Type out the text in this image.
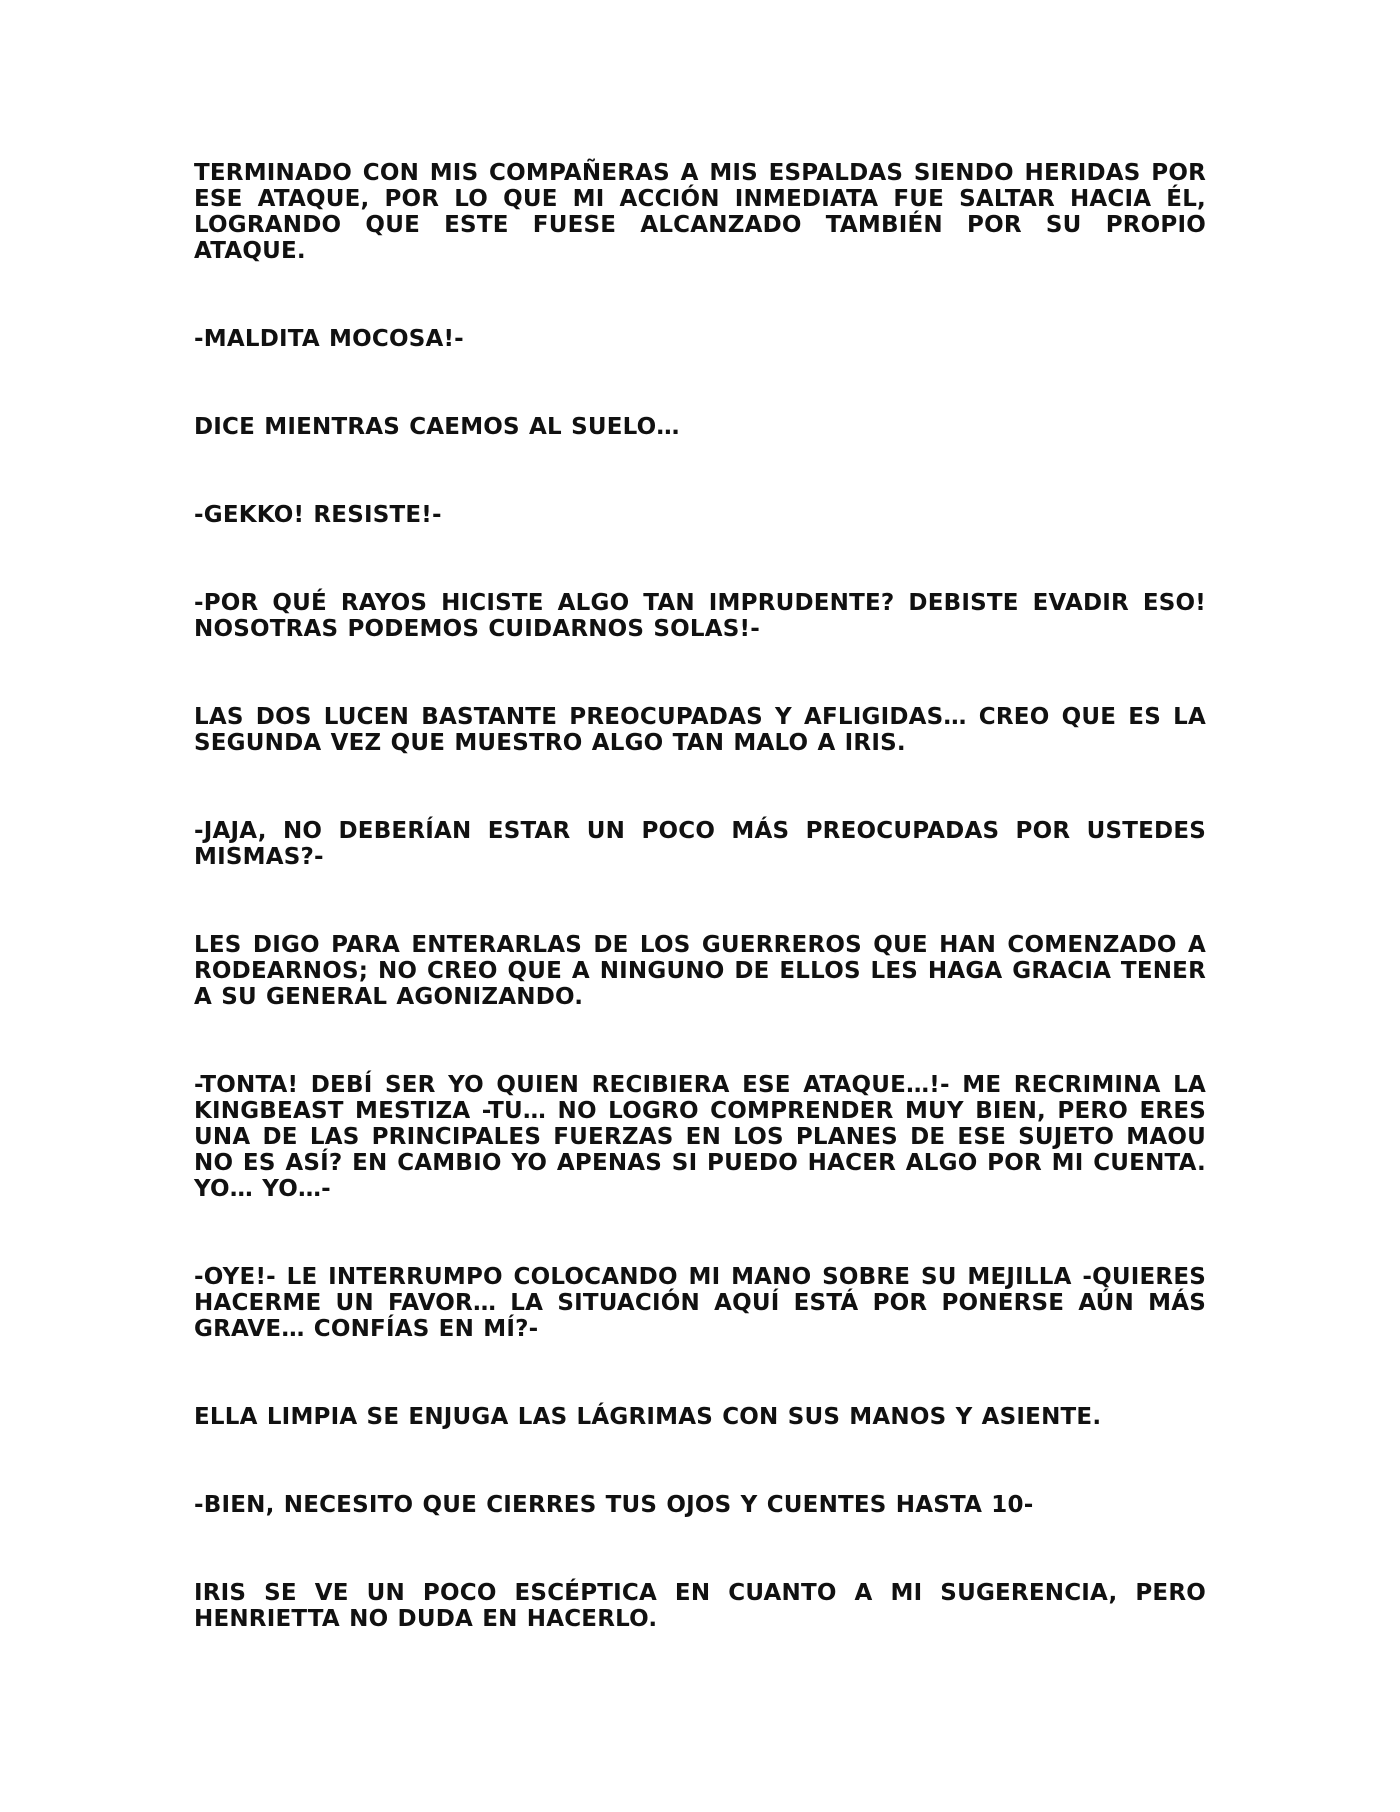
TERMINADO CON MIS COMPAÑERAS A MIS ESPALDAS SIENDO HERIDAS POR ESE ATAQUE, POR LO QUE MI ACCIÓN INMEDIATA FUE SALTAR HACIA ÉL, LOGRANDO QUE ESTE FUESE ALCANZADO TAMBIÉN POR SU PROPIO ATAQUE.

-MALDITA MOCOSA!-

DICE MIENTRAS CAEMOS AL SUELO…

-GEKKO! RESISTE!-

-POR QUÉ RAYOS HICISTE ALGO TAN IMPRUDENTE? DEBISTE EVADIR ESO! NOSOTRAS PODEMOS CUIDARNOS SOLAS!-

LAS DOS LUCEN BASTANTE PREOCUPADAS Y AFLIGIDAS… CREO QUE ES LA SEGUNDA VEZ QUE MUESTRO ALGO TAN MALO A IRIS.

-JAJA, NO DEBERÍAN ESTAR UN POCO MÁS PREOCUPADAS POR USTEDES MISMAS?-

LES DIGO PARA ENTERARLAS DE LOS GUERREROS QUE HAN COMENZADO A RODEARNOS; NO CREO QUE A NINGUNO DE ELLOS LES HAGA GRACIA TENER A SU GENERAL AGONIZANDO.

-TONTA! DEBÍ SER YO QUIEN RECIBIERA ESE ATAQUE…!- ME RECRIMINA LA KINGBEAST MESTIZA -TU… NO LOGRO COMPRENDER MUY BIEN, PERO ERES UNA DE LAS PRINCIPALES FUERZAS EN LOS PLANES DE ESE SUJETO MAOU NO ES ASÍ? EN CAMBIO YO APENAS SI PUEDO HACER ALGO POR MI CUENTA. YO… YO…-

-OYE!- LE INTERRUMPO COLOCANDO MI MANO SOBRE SU MEJILLA -QUIERES HACERME UN FAVOR… LA SITUACIÓN AQUÍ ESTÁ POR PONERSE AÚN MÁS GRAVE… CONFÍAS EN MÍ?-

ELLA LIMPIA SE ENJUGA LAS LÁGRIMAS CON SUS MANOS Y ASIENTE.

-BIEN, NECESITO QUE CIERRES TUS OJOS Y CUENTES HASTA 10-

IRIS SE VE UN POCO ESCÉPTICA EN CUANTO A MI SUGERENCIA, PERO HENRIETTA NO DUDA EN HACERLO.
